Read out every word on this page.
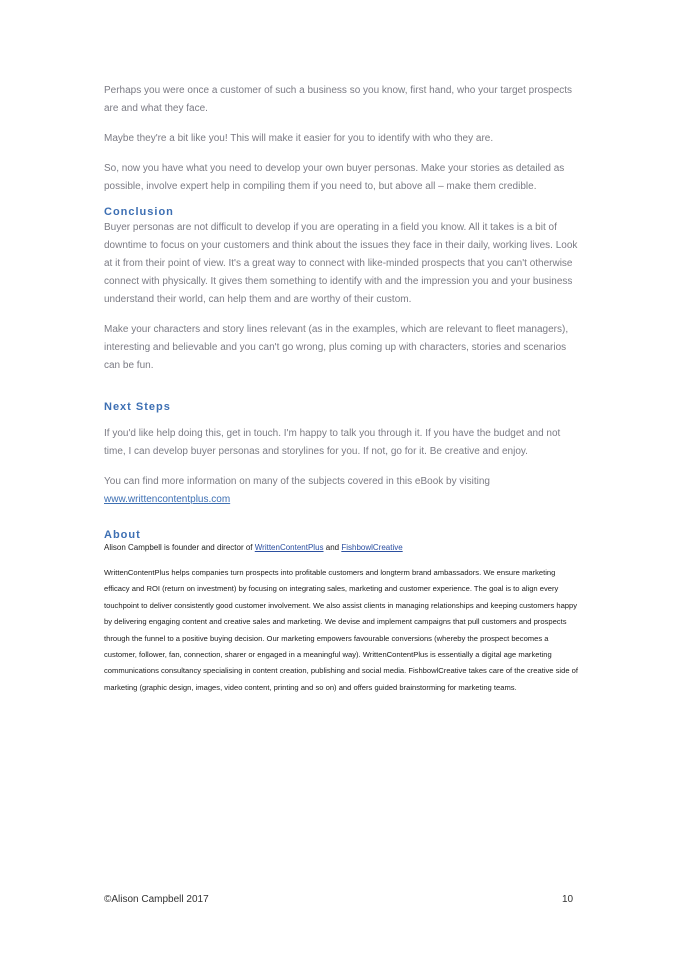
Perhaps you were once a customer of such a business so you know, first hand, who your target prospects are and what they face.

Maybe they're a bit like you! This will make it easier for you to identify with who they are.

So, now you have what you need to develop your own buyer personas. Make your stories as detailed as possible, involve expert help in compiling them if you need to, but above all – make them credible.

Conclusion

Buyer personas are not difficult to develop if you are operating in a field you know. All it takes is a bit of downtime to focus on your customers and think about the issues they face in their daily, working lives. Look at it from their point of view. It's a great way to connect with like-minded prospects that you can't otherwise connect with physically. It gives them something to identify with and the impression you and your business understand their world, can help them and are worthy of their custom.

Make your characters and story lines relevant (as in the examples, which are relevant to fleet managers), interesting and believable and you can't go wrong, plus coming up with characters, stories and scenarios can be fun.

Next Steps

If you'd like help doing this, get in touch. I'm happy to talk you through it. If you have the budget and not time, I can develop buyer personas and storylines for you. If not, go for it. Be creative and enjoy.

You can find more information on many of the subjects covered in this eBook by visiting www.writtencontentplus.com

About

Alison Campbell is founder and director of WrittenContentPlus and FishbowlCreative

WrittenContentPlus helps companies turn prospects into profitable customers and longterm brand ambassadors. We ensure marketing efficacy and ROI (return on investment) by focusing on integrating sales, marketing and customer experience. The goal is to align every touchpoint to deliver consistently good customer involvement. We also assist clients in managing relationships and keeping customers happy by delivering engaging content and creative sales and marketing. We devise and implement campaigns that pull customers and prospects through the funnel to a positive buying decision. Our marketing empowers favourable conversions (whereby the prospect becomes a customer, follower, fan, connection, sharer or engaged in a meaningful way). WrittenContentPlus is essentially a digital age marketing communications consultancy specialising in content creation, publishing and social media. FishbowlCreative takes care of the creative side of marketing (graphic design, images, video content, printing and so on) and offers guided brainstorming for marketing teams.

©Alison Campbell 2017	10
